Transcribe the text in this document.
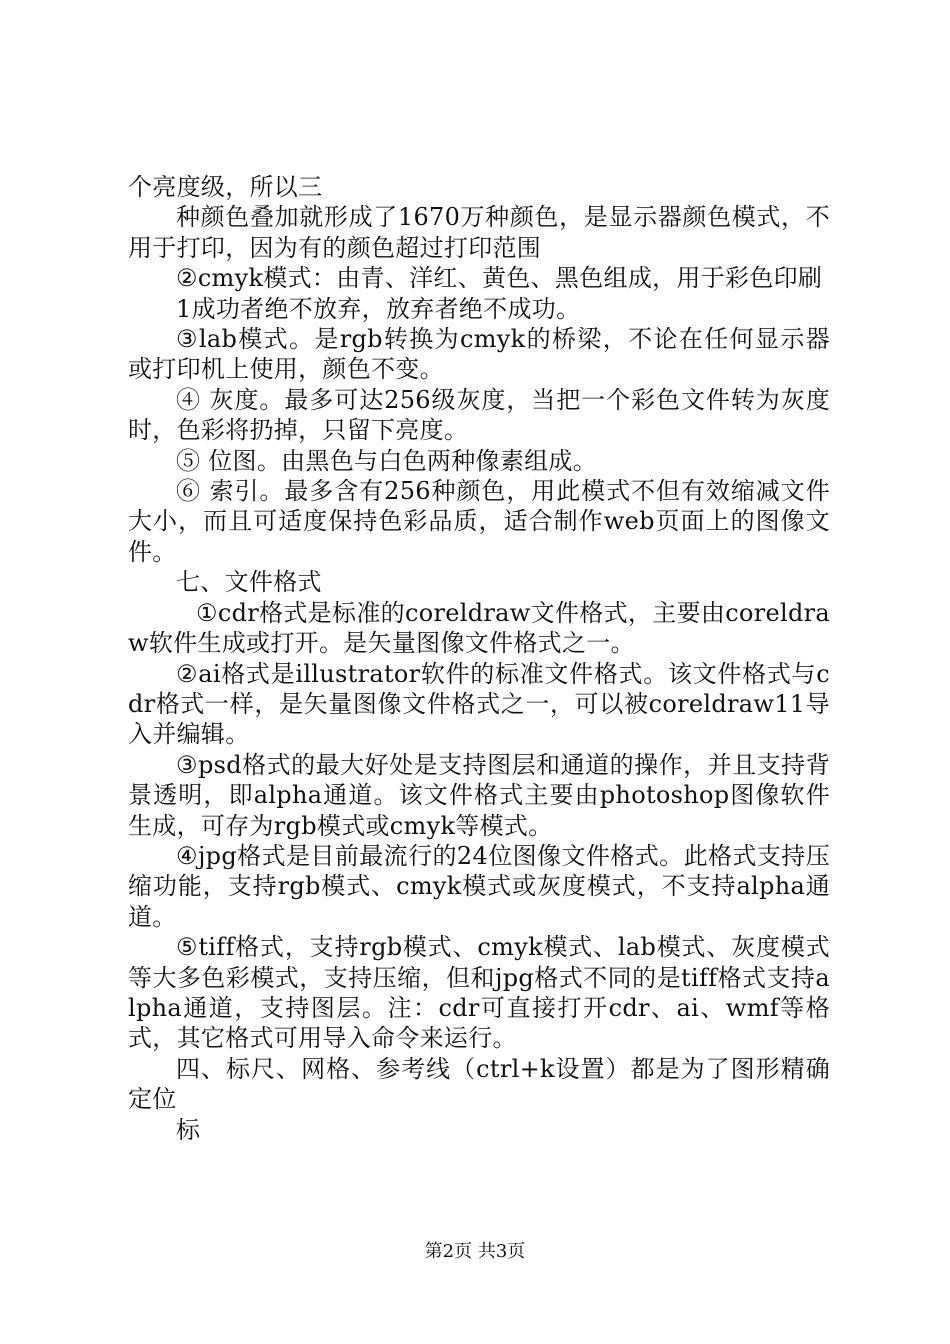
个亮度级，所以三

种颜色叠加就形成了1670万种颜色，是显示器颜色模式，不用于打印，因为有的颜色超过打印范围

②cmyk模式：由青、洋红、黄色、黑色组成，用于彩色印刷

1成功者绝不放弃，放弃者绝不成功。

③lab模式。是rgb转换为cmyk的桥梁，不论在任何显示器或打印机上使用，颜色不变。

④ 灰度。最多可达256级灰度，当把一个彩色文件转为灰度时，色彩将扔掉，只留下亮度。

⑤ 位图。由黑色与白色两种像素组成。

⑥ 索引。最多含有256种颜色，用此模式不但有效缩减文件大小，而且可适度保持色彩品质，适合制作web页面上的图像文件。

七、文件格式

①cdr格式是标准的coreldraw文件格式，主要由coreldraw软件生成或打开。是矢量图像文件格式之一。

②ai格式是illustrator软件的标准文件格式。该文件格式与cdr格式一样，是矢量图像文件格式之一，可以被coreldraw11导入并编辑。

③psd格式的最大好处是支持图层和通道的操作，并且支持背景透明，即alpha通道。该文件格式主要由photoshop图像软件生成，可存为rgb模式或cmyk等模式。

④jpg格式是目前最流行的24位图像文件格式。此格式支持压缩功能，支持rgb模式、cmyk模式或灰度模式，不支持alpha通道。

⑤tiff格式，支持rgb模式、cmyk模式、lab模式、灰度模式等大多色彩模式，支持压缩，但和jpg格式不同的是tiff格式支持alpha通道，支持图层。注：cdr可直接打开cdr、ai、wmf等格式，其它格式可用导入命令来运行。

四、标尺、网格、参考线（ctrl+k设置）都是为了图形精确定位

标

第2页 共3页
